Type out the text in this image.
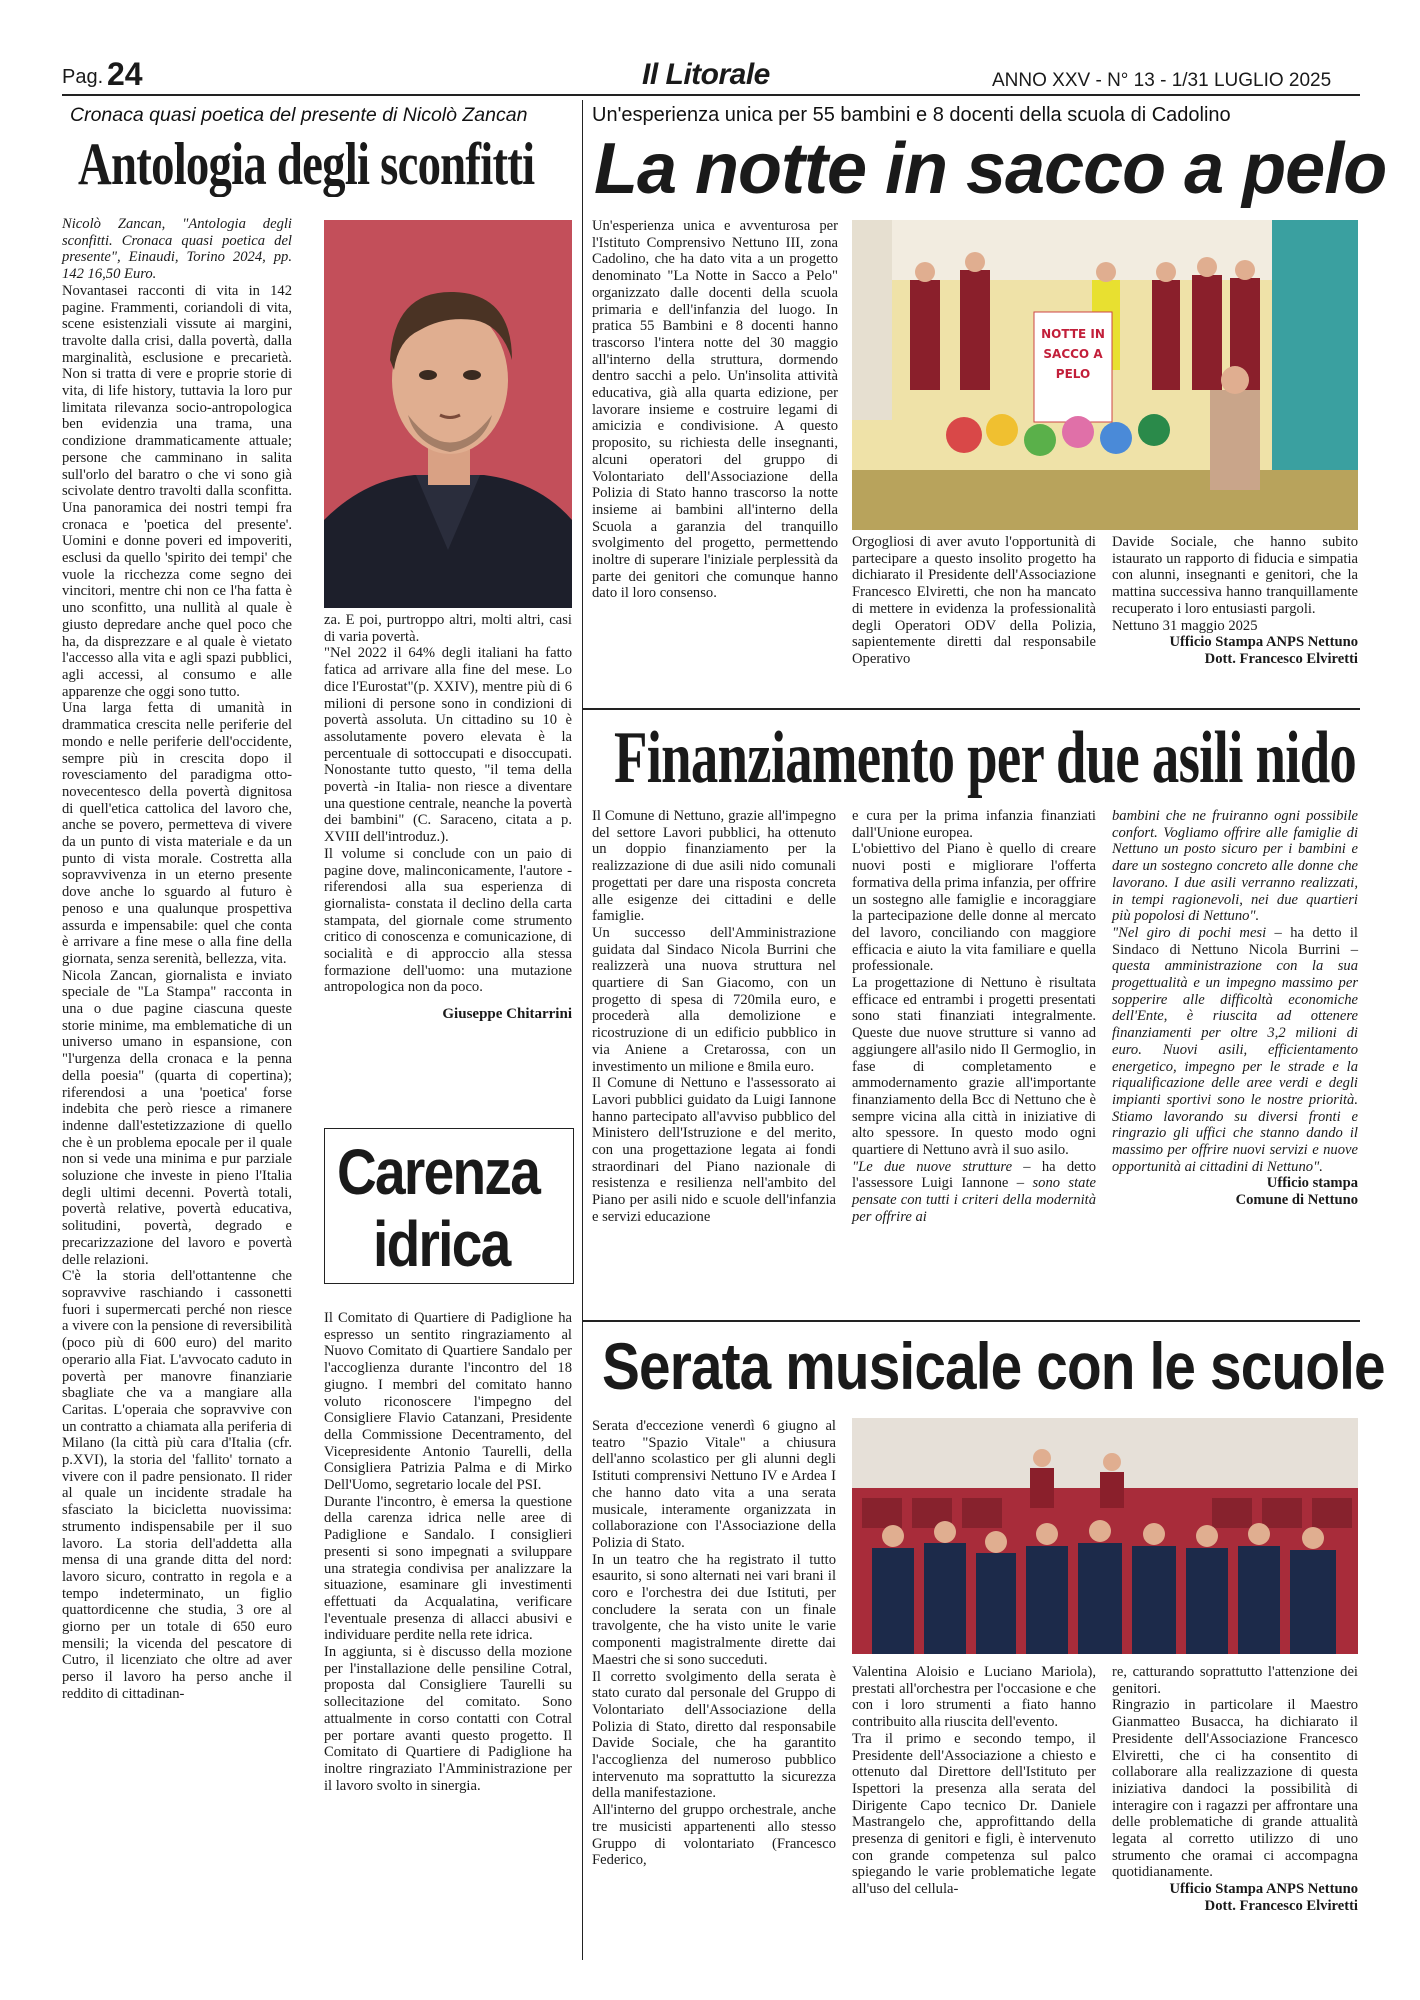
Pag. 24	Il Litorale	ANNO XXV - N° 13 - 1/31 LUGLIO 2025
Cronaca quasi poetica del presente di Nicolò Zancan
Antologia degli sconfitti

Nicolò Zancan, "Antologia degli sconfitti. Cronaca quasi poetica del presente", Einaudi, Torino 2024, pp. 142 16,50 Euro.

Novantasei racconti di vita in 142 pagine. Frammenti, coriandoli di vita, scene esistenziali vissute ai margini, travolte dalla crisi, dalla povertà, dalla marginalità, esclusione e precarietà. Non si tratta di vere e proprie storie di vita, di life history, tuttavia la loro pur limitata rilevanza socio-antropologica ben evidenzia una trama, una condizione drammaticamente attuale; persone che camminano in salita sull'orlo del baratro o che vi sono già scivolate dentro travolti dalla sconfitta. Una panoramica dei nostri tempi fra cronaca e 'poetica del presente'. Uomini e donne poveri ed impoveriti, esclusi da quello 'spirito dei tempi' che vuole la ricchezza come segno dei vincitori, mentre chi non ce l'ha fatta è uno sconfitto, una nullità al quale è giusto depredare anche quel poco che ha, da disprezzare e al quale è vietato l'accesso alla vita e agli spazi pubblici, agli accessi, al consumo e alle apparenze che oggi sono tutto.

Una larga fetta di umanità in drammatica crescita nelle periferie del mondo e nelle periferie dell'occidente, sempre più in crescita dopo il rovesciamento del paradigma otto-novecentesco della povertà dignitosa di quell'etica cattolica del lavoro che, anche se povero, permetteva di vivere da un punto di vista materiale e da un punto di vista morale. Costretta alla sopravvivenza in un eterno presente dove anche lo sguardo al futuro è penoso e una qualunque prospettiva assurda e impensabile: quel che conta è arrivare a fine mese o alla fine della giornata, senza serenità, bellezza, vita.

Nicola Zancan, giornalista e inviato speciale de "La Stampa" racconta in una o due pagine ciascuna queste storie minime, ma emblematiche di un universo umano in espansione, con "l'urgenza della cronaca e la penna della poesia" (quarta di copertina); riferendosi a una 'poetica' forse indebita che però riesce a rimanere indenne dall'estetizzazione di quello che è un problema epocale per il quale non si vede una minima e pur parziale soluzione che investe in pieno l'Italia degli ultimi decenni. Povertà totali, povertà relative, povertà educativa, solitudini, povertà, degrado e precarizzazione del lavoro e povertà delle relazioni.

C'è la storia dell'ottantenne che sopravvive raschiando i cassonetti fuori i supermercati perché non riesce a vivere con la pensione di reversibilità (poco più di 600 euro) del marito operario alla Fiat. L'avvocato caduto in povertà per manovre finanziarie sbagliate che va a mangiare alla Caritas. L'operaia che sopravvive con un contratto a chiamata alla periferia di Milano (la città più cara d'Italia (cfr. p.XVI), la storia del 'fallito' tornato a vivere con il padre pensionato. Il rider al quale un incidente stradale ha sfasciato la bicicletta nuovissima: strumento indispensabile per il suo lavoro. La storia dell'addetta alla mensa di una grande ditta del nord: lavoro sicuro, contratto in regola e a tempo indeterminato, un figlio quattordicenne che studia, 3 ore al giorno per un totale di 650 euro mensili; la vicenda del pescatore di Cutro, il licenziato che oltre ad aver perso il lavoro ha perso anche il reddito di cittadinan-

za. E poi, purtroppo altri, molti altri, casi di varia povertà.

"Nel 2022 il 64% degli italiani ha fatto fatica ad arrivare alla fine del mese. Lo dice l'Eurostat"(p. XXIV), mentre più di 6 milioni di persone sono in condizioni di povertà assoluta. Un cittadino su 10 è assolutamente povero elevata è la percentuale di sottoccupati e disoccupati. Nonostante tutto questo, "il tema della povertà -in Italia- non riesce a diventare una questione centrale, neanche la povertà dei bambini" (C. Saraceno, citata a p. XVIII dell'introduz.).

Il volume si conclude con un paio di pagine dove, malinconicamente, l'autore -riferendosi alla sua esperienza di giornalista- constata il declino della carta stampata, del giornale come strumento critico di conoscenza e comunicazione, di socialità e di approccio alla stessa formazione dell'uomo: una mutazione antropologica non da poco.

Giuseppe Chitarrini

Carenza
idrica

Il Comitato di Quartiere di Padiglione ha espresso un sentito ringraziamento al Nuovo Comitato di Quartiere Sandalo per l'accoglienza durante l'incontro del 18 giugno. I membri del comitato hanno voluto riconoscere l'impegno del Consigliere Flavio Catanzani, Presidente della Commissione Decentramento, del Vicepresidente Antonio Taurelli, della Consigliera Patrizia Palma e di Mirko Dell'Uomo, segretario locale del PSI.

Durante l'incontro, è emersa la questione della carenza idrica nelle aree di Padiglione e Sandalo. I consiglieri presenti si sono impegnati a sviluppare una strategia condivisa per analizzare la situazione, esaminare gli investimenti effettuati da Acqualatina, verificare l'eventuale presenza di allacci abusivi e individuare perdite nella rete idrica.

In aggiunta, si è discusso della mozione per l'installazione delle pensiline Cotral, proposta dal Consigliere Taurelli su sollecitazione del comitato. Sono attualmente in corso contatti con Cotral per portare avanti questo progetto. Il Comitato di Quartiere di Padiglione ha inoltre ringraziato l'Amministrazione per il lavoro svolto in sinergia.

Un'esperienza unica per 55 bambini e 8 docenti della scuola di Cadolino
La notte in sacco a pelo

Un'esperienza unica e avventurosa per l'Istituto Comprensivo Nettuno III, zona Cadolino, che ha dato vita a un progetto denominato "La Notte in Sacco a Pelo" organizzato dalle docenti della scuola primaria e dell'infanzia del luogo. In pratica 55 Bambini e 8 docenti hanno trascorso l'intera notte del 30 maggio all'interno della struttura, dormendo dentro sacchi a pelo. Un'insolita attività educativa, già alla quarta edizione, per lavorare insieme e costruire legami di amicizia e condivisione. A questo proposito, su richiesta delle insegnanti, alcuni operatori del gruppo di Volontariato dell'Associazione della Polizia di Stato hanno trascorso la notte insieme ai bambini all'interno della Scuola a garanzia del tranquillo svolgimento del progetto, permettendo inoltre di superare l'iniziale perplessità da parte dei genitori che comunque hanno dato il loro consenso.

NOTTE IN
SACCO A
PELO

Orgogliosi di aver avuto l'opportunità di partecipare a questo insolito progetto ha dichiarato il Presidente dell'Associazione Francesco Elviretti, che non ha mancato di mettere in evidenza la professionalità degli Operatori ODV della Polizia, sapientemente diretti dal responsabile Operativo

Davide Sociale, che hanno subito istaurato un rapporto di fiducia e simpatia con alunni, insegnanti e genitori, che la mattina successiva hanno tranquillamente recuperato i loro entusiasti pargoli.

Nettuno 31 maggio 2025

Ufficio Stampa ANPS Nettuno

Dott. Francesco Elviretti

Finanziamento per due asili nido

Il Comune di Nettuno, grazie all'impegno del settore Lavori pubblici, ha ottenuto un doppio finanziamento per la realizzazione di due asili nido comunali progettati per dare una risposta concreta alle esigenze dei cittadini e delle famiglie.

Un successo dell'Amministrazione guidata dal Sindaco Nicola Burrini che realizzerà una nuova struttura nel quartiere di San Giacomo, con un progetto di spesa di 720mila euro, e procederà alla demolizione e ricostruzione di un edificio pubblico in via Aniene a Cretarossa, con un investimento un milione e 8mila euro.

Il Comune di Nettuno e l'assessorato ai Lavori pubblici guidato da Luigi Iannone hanno partecipato all'avviso pubblico del Ministero dell'Istruzione e del merito, con una progettazione legata ai fondi straordinari del Piano nazionale di resistenza e resilienza nell'ambito del Piano per asili nido e scuole dell'infanzia e servizi educazione

e cura per la prima infanzia finanziati dall'Unione europea.

L'obiettivo del Piano è quello di creare nuovi posti e migliorare l'offerta formativa della prima infanzia, per offrire un sostegno alle famiglie e incoraggiare la partecipazione delle donne al mercato del lavoro, conciliando con maggiore efficacia e aiuto la vita familiare e quella professionale.

La progettazione di Nettuno è risultata efficace ed entrambi i progetti presentati sono stati finanziati integralmente. Queste due nuove strutture si vanno ad aggiungere all'asilo nido Il Germoglio, in fase di completamento e ammodernamento grazie all'importante finanziamento della Bcc di Nettuno che è sempre vicina alla città in iniziative di alto spessore. In questo modo ogni quartiere di Nettuno avrà il suo asilo.

"Le due nuove strutture – ha detto l'assessore Luigi Iannone – sono state pensate con tutti i criteri della modernità per offrire ai

bambini che ne fruiranno ogni possibile confort. Vogliamo offrire alle famiglie di Nettuno un posto sicuro per i bambini e dare un sostegno concreto alle donne che lavorano. I due asili verranno realizzati, in tempi ragionevoli, nei due quartieri più popolosi di Nettuno".

"Nel giro di pochi mesi – ha detto il Sindaco di Nettuno Nicola Burrini – questa amministrazione con la sua progettualità e un impegno massimo per sopperire alle difficoltà economiche dell'Ente, è riuscita ad ottenere finanziamenti per oltre 3,2 milioni di euro. Nuovi asili, efficientamento energetico, impegno per le strade e la riqualificazione delle aree verdi e degli impianti sportivi sono le nostre priorità. Stiamo lavorando su diversi fronti e ringrazio gli uffici che stanno dando il massimo per offrire nuovi servizi e nuove opportunità ai cittadini di Nettuno".

Ufficio stampa

Comune di Nettuno

Serata musicale con le scuole

Serata d'eccezione venerdì 6 giugno al teatro "Spazio Vitale" a chiusura dell'anno scolastico per gli alunni degli Istituti comprensivi Nettuno IV e Ardea I che hanno dato vita a una serata musicale, interamente organizzata in collaborazione con l'Associazione della Polizia di Stato.

In un teatro che ha registrato il tutto esaurito, si sono alternati nei vari brani il coro e l'orchestra dei due Istituti, per concludere la serata con un finale travolgente, che ha visto unite le varie componenti magistralmente dirette dai Maestri che si sono succeduti.

Il corretto svolgimento della serata è stato curato dal personale del Gruppo di Volontariato dell'Associazione della Polizia di Stato, diretto dal responsabile Davide Sociale, che ha garantito l'accoglienza del numeroso pubblico intervenuto ma soprattutto la sicurezza della manifestazione.

All'interno del gruppo orchestrale, anche tre musicisti appartenenti allo stesso Gruppo di volontariato (Francesco Federico,

Valentina Aloisio e Luciano Mariola), prestati all'orchestra per l'occasione e che con i loro strumenti a fiato hanno contribuito alla riuscita dell'evento.

Tra il primo e secondo tempo, il Presidente dell'Associazione a chiesto e ottenuto dal Direttore dell'Istituto per Ispettori la presenza alla serata del Dirigente Capo tecnico Dr. Daniele Mastrangelo che, approfittando della presenza di genitori e figli, è intervenuto con grande competenza sul palco spiegando le varie problematiche legate all'uso del cellula-

re, catturando soprattutto l'attenzione dei genitori.

Ringrazio in particolare il Maestro Gianmatteo Busacca, ha dichiarato il Presidente dell'Associazione Francesco Elviretti, che ci ha consentito di collaborare alla realizzazione di questa iniziativa dandoci la possibilità di interagire con i ragazzi per affrontare una delle problematiche di grande attualità legata al corretto utilizzo di uno strumento che oramai ci accompagna quotidianamente.

Ufficio Stampa ANPS Nettuno

Dott. Francesco Elviretti
